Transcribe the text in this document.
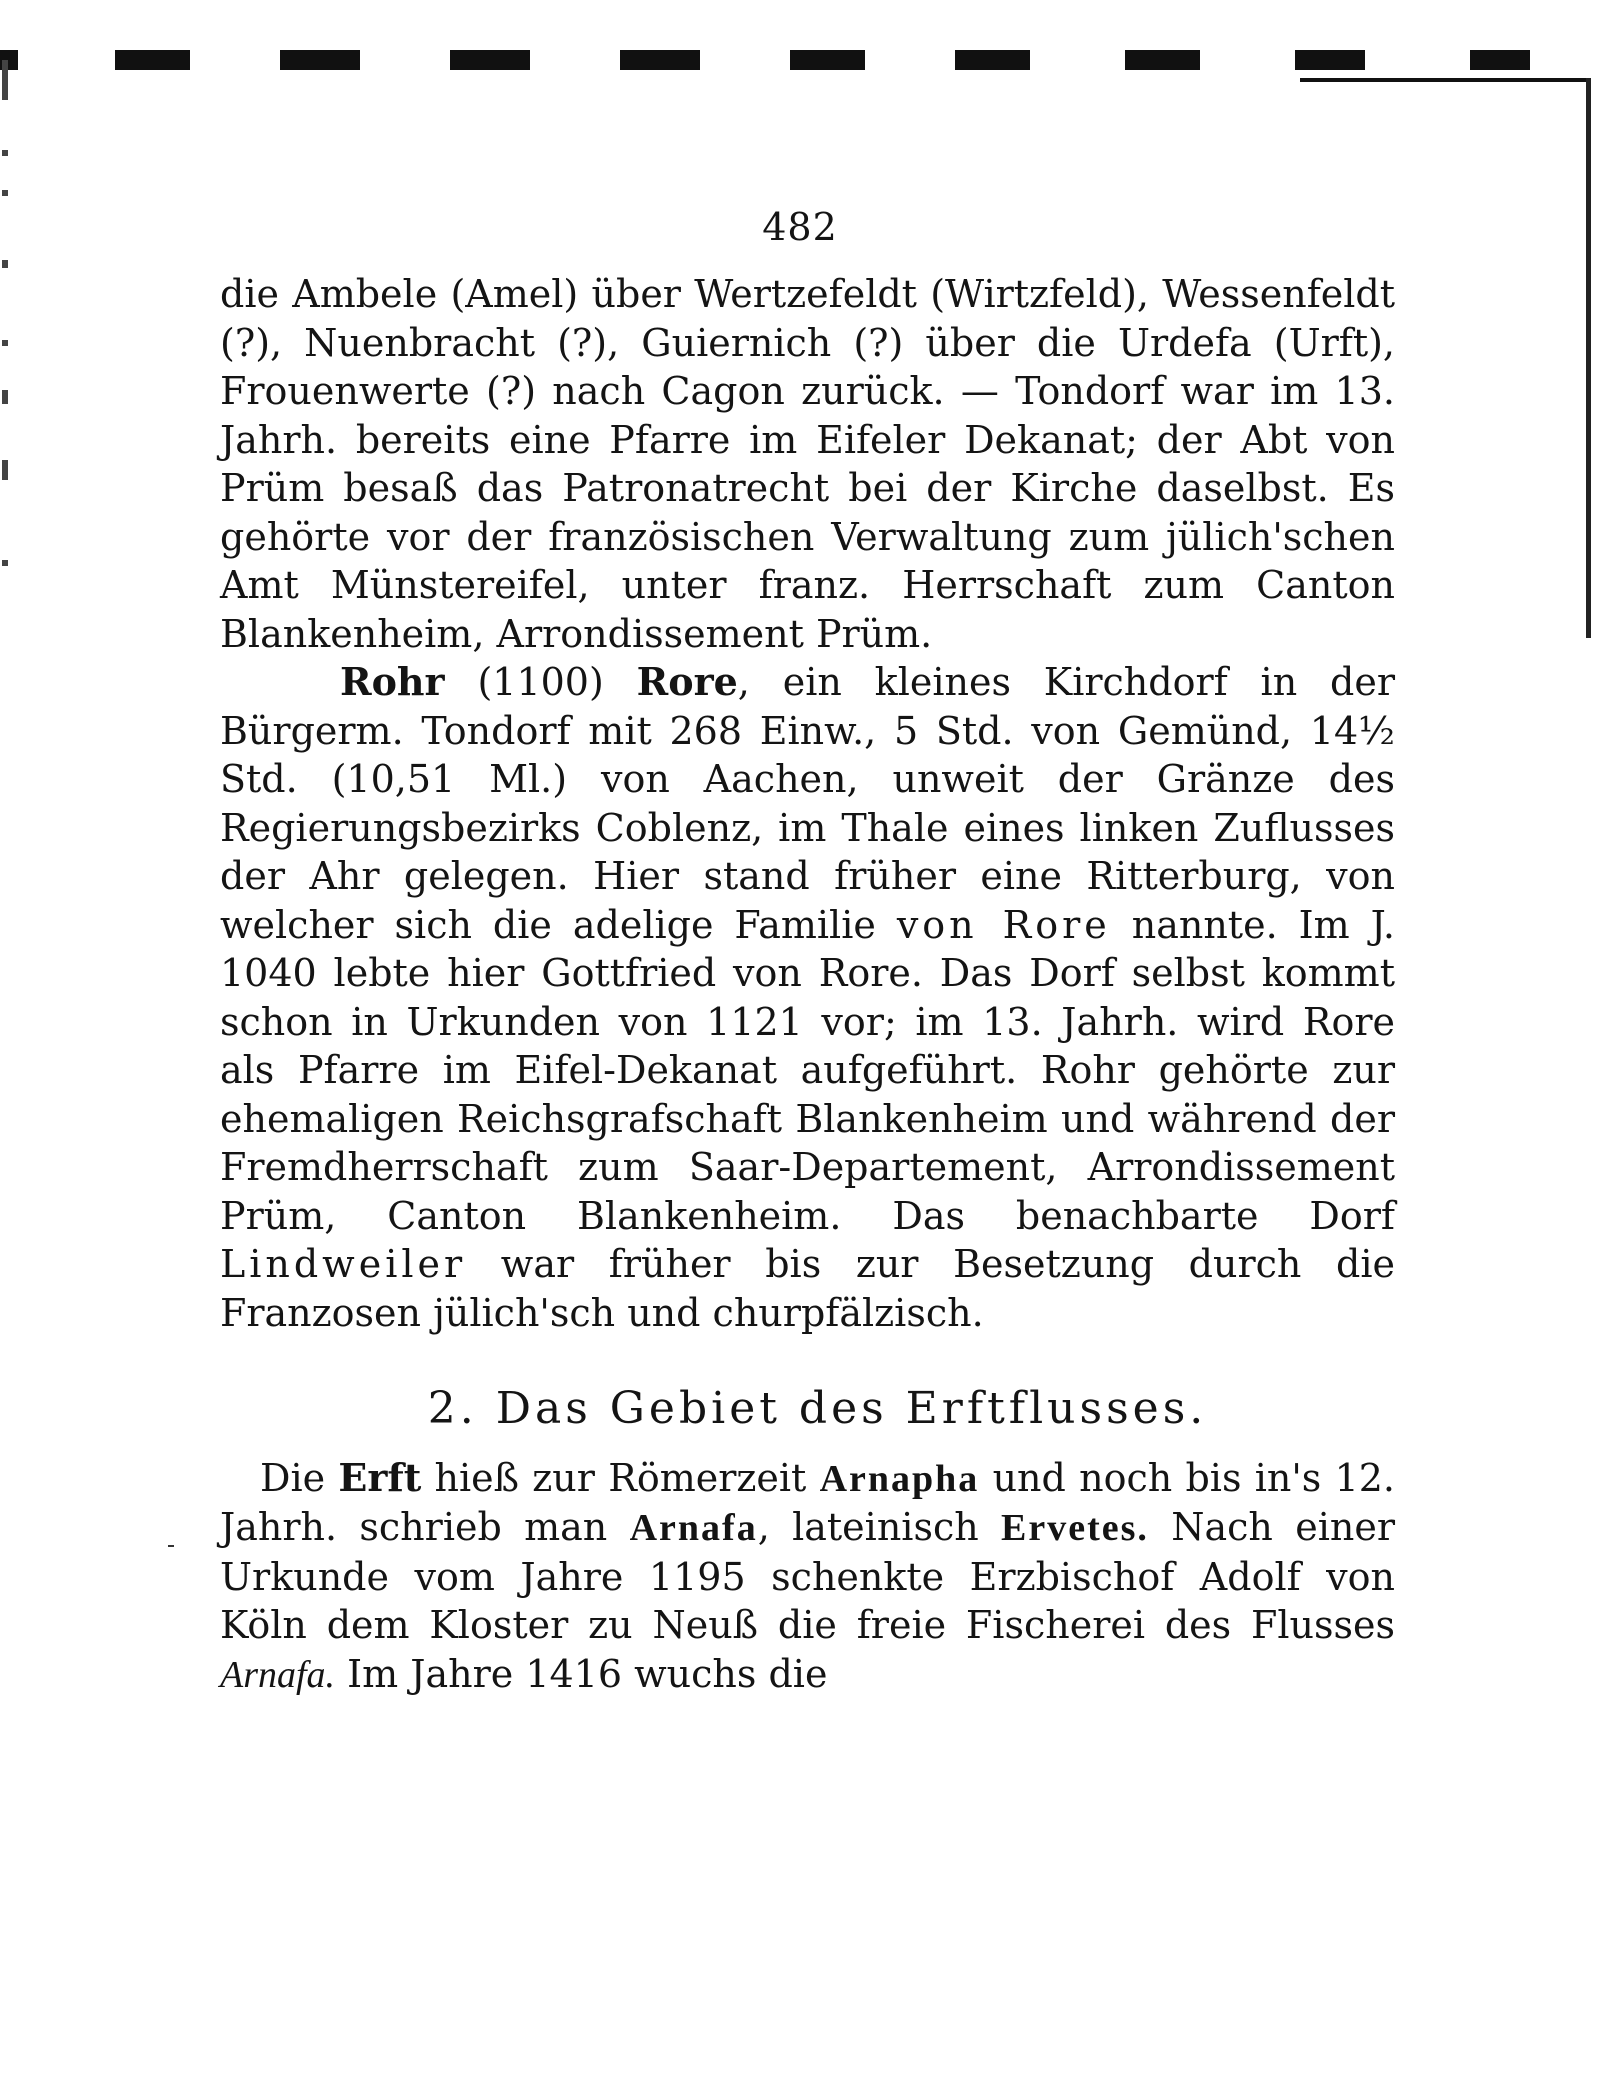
482

die Ambele (Amel) über Wertzefeldt (Wirtzfeld), Wessenfeldt (?), Nuenbracht (?), Guiernich (?) über die Urdefa (Urft), Frouenwerte (?) nach Cagon zurück. — Tondorf war im 13. Jahrh. bereits eine Pfarre im Eifeler Dekanat; der Abt von Prüm besaß das Patronatrecht bei der Kirche daselbst. Es gehörte vor der französischen Verwaltung zum jülich'schen Amt Münstereifel, unter franz. Herrschaft zum Canton Blankenheim, Arrondissement Prüm.

Rohr (1100) Rore, ein kleines Kirchdorf in der Bürgerm. Tondorf mit 268 Einw., 5 Std. von Gemünd, 14½ Std. (10,51 Ml.) von Aachen, unweit der Gränze des Regierungsbezirks Coblenz, im Thale eines linken Zuflusses der Ahr gelegen. Hier stand früher eine Ritterburg, von welcher sich die adelige Familie von Rore nannte. Im J. 1040 lebte hier Gottfried von Rore. Das Dorf selbst kommt schon in Urkunden von 1121 vor; im 13. Jahrh. wird Rore als Pfarre im Eifel-Dekanat aufgeführt. Rohr gehörte zur ehemaligen Reichsgrafschaft Blankenheim und während der Fremdherrschaft zum Saar-Departement, Arrondissement Prüm, Canton Blankenheim. Das benachbarte Dorf Lindweiler war früher bis zur Besetzung durch die Franzosen jülich'sch und churpfälzisch.

2. Das Gebiet des Erftflusses.

Die Erft hieß zur Römerzeit Arnapha und noch bis in's 12. Jahrh. schrieb man Arnafa, lateinisch Ervetes. Nach einer Urkunde vom Jahre 1195 schenkte Erzbischof Adolf von Köln dem Kloster zu Neuß die freie Fischerei des Flusses Arnafa. Im Jahre 1416 wuchs die
